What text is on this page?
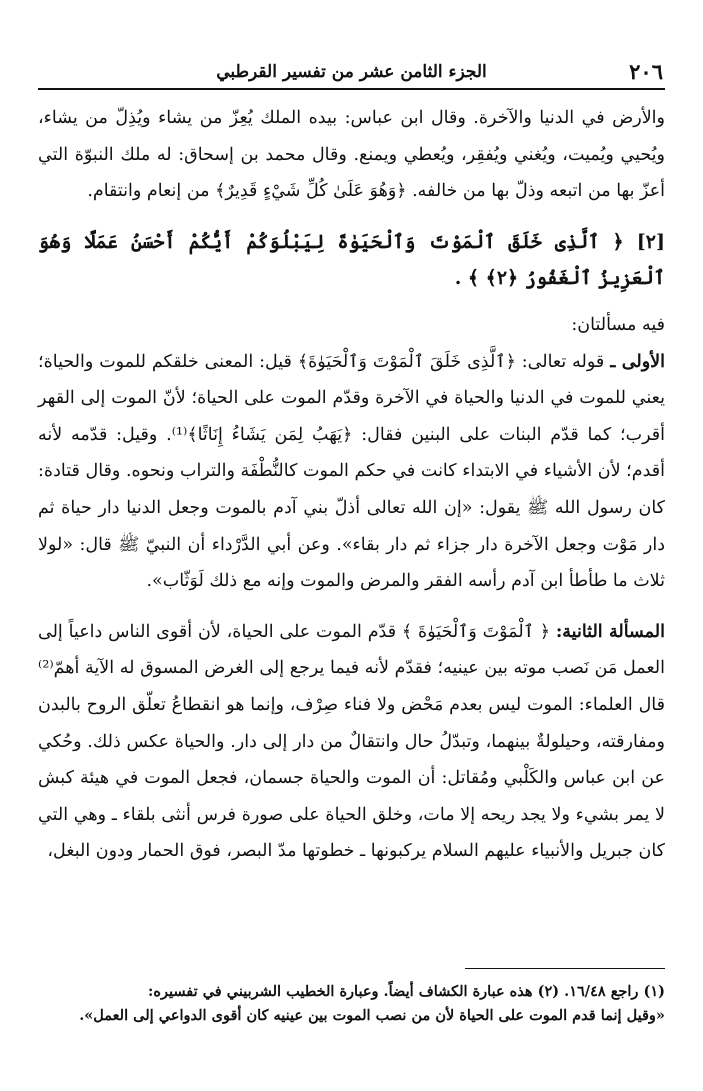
٢٠٦
الجزء الثامن عشر من تفسير القرطبي

والأرض في الدنيا والآخرة. وقال ابن عباس: بيده الملك يُعِزّ من يشاء ويُذِلّ من يشاء، ويُحيي ويُميت، ويُغني ويُفقِر، ويُعطي ويمنع. وقال محمد بن إسحاق: له ملك النبوّة التي أعزّ بها من اتبعه وذلّ بها من خالفه. ﴿وَهُوَ عَلَىٰ كُلِّ شَيْءٍ قَدِيرٌ﴾ من إنعام وانتقام.

[٢] ﴿ ٱلَّذِى خَلَقَ ٱلْمَوْتَ وَٱلْحَيَوٰةَ لِيَبْلُوَكُمْ أَيُّكُمْ أَحْسَنُ عَمَلًا وَهُوَ ٱلْعَزِيزُ ٱلْغَفُورُ ﴿٢﴾ ﴾ .

فيه مسألتان:

الأولى ـ قوله تعالى: ﴿ٱلَّذِى خَلَقَ ٱلْمَوْتَ وَٱلْحَيَوٰةَ﴾ قيل: المعنى خلقكم للموت والحياة؛ يعني للموت في الدنيا والحياة في الآخرة وقدّم الموت على الحياة؛ لأنّ الموت إلى القهر أقرب؛ كما قدّم البنات على البنين فقال: ﴿يَهَبُ لِمَن يَشَاءُ إِنَاثًا﴾⁽¹⁾. وقيل: قدّمه لأنه أقدم؛ لأن الأشياء في الابتداء كانت في حكم الموت كالنُّطْفَة والتراب ونحوه. وقال قتادة: كان رسول الله ﷺ يقول: «إن الله تعالى أذلّ بني آدم بالموت وجعل الدنيا دار حياة ثم دار مَوْت وجعل الآخرة دار جزاء ثم دار بقاء». وعن أبي الدَّرْداء أن النبيّ ﷺ قال: «لولا ثلاث ما طأطأ ابن آدم رأسه الفقر والمرض والموت وإنه مع ذلك لَوَثّاب».

المسألة الثانية: ﴿ ٱلْمَوْتَ وَٱلْحَيَوٰةَ ﴾ قدّم الموت على الحياة، لأن أقوى الناس داعياً إلى العمل مَن نَصب موته بين عينيه؛ فقدّم لأنه فيما يرجع إلى الغرض المسوق له الآية أهمّ⁽²⁾ قال العلماء: الموت ليس بعدم مَحْض ولا فناء صِرْف، وإنما هو انقطاعُ تعلّق الروح بالبدن ومفارقته، وحيلولةٌ بينهما، وتبدّلُ حال وانتقالٌ من دار إلى دار. والحياة عكس ذلك. وحُكي عن ابن عباس والكَلْبي ومُقاتل: أن الموت والحياة جسمان، فجعل الموت في هيئة كبش لا يمر بشيء ولا يجد ريحه إلا مات، وخلق الحياة على صورة فرس أنثى بلقاء ـ وهي التي كان جبريل والأنبياء عليهم السلام يركبونها ـ خطوتها مدّ البصر، فوق الحمار ودون البغل،

(١) راجع ١٦/٤٨. (٢) هذه عبارة الكشاف أيضاً. وعبارة الخطيب الشربيني في تفسيره:

«وقيل إنما قدم الموت على الحياة لأن من نصب الموت بين عينيه كان أقوى الدواعي إلى العمل».
